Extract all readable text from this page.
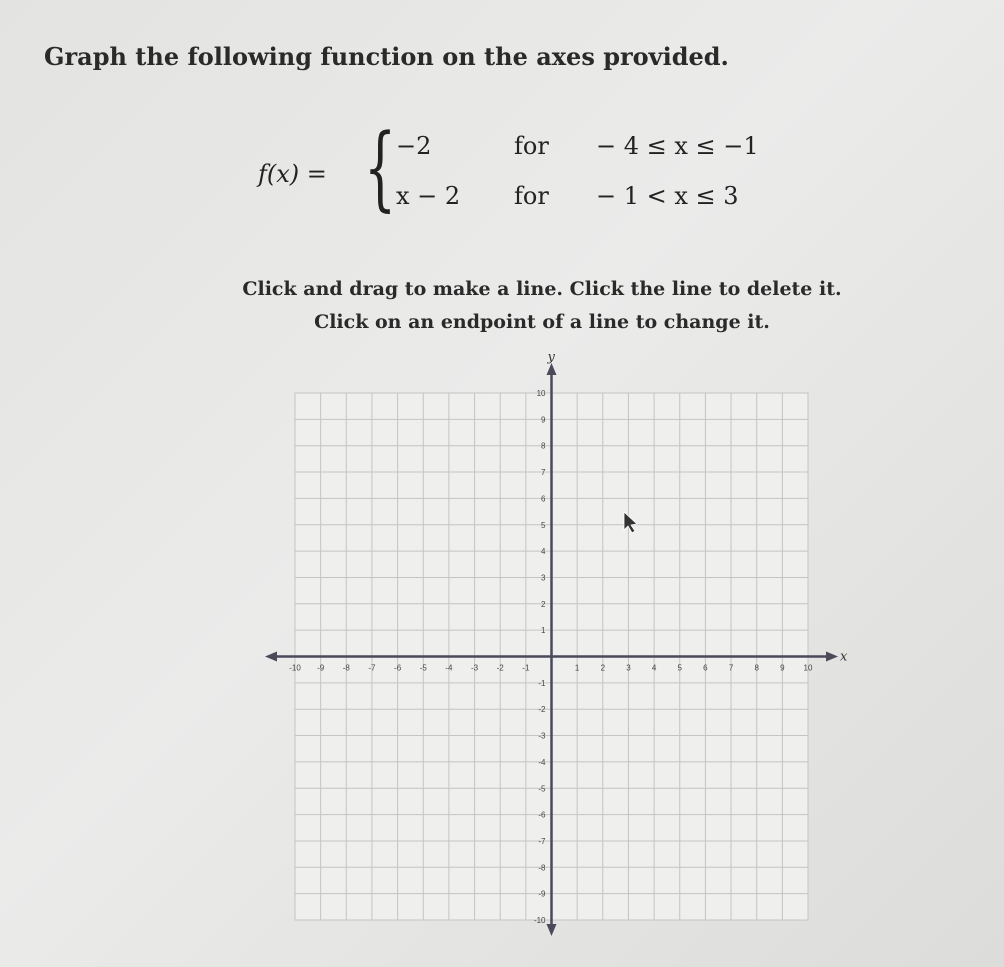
Graph the following function on the axes provided.
f(x) = { −2	for − 4 ≤ x ≤ −1
x − 2 for − 1 < x ≤ 3
Click and drag to make a line. Click the line to delete it.
Click on an endpoint of a line to change it.
x
y
-10 -9 -8 -7 -6 -5 -4 -3 -2 -1	1	2	3	4	5	6	7	8	9 10
-10
-9
-8
-7
-6
-5
-4
-3
-2
-1
1
2
3
4
5
6
7
8
9
10
